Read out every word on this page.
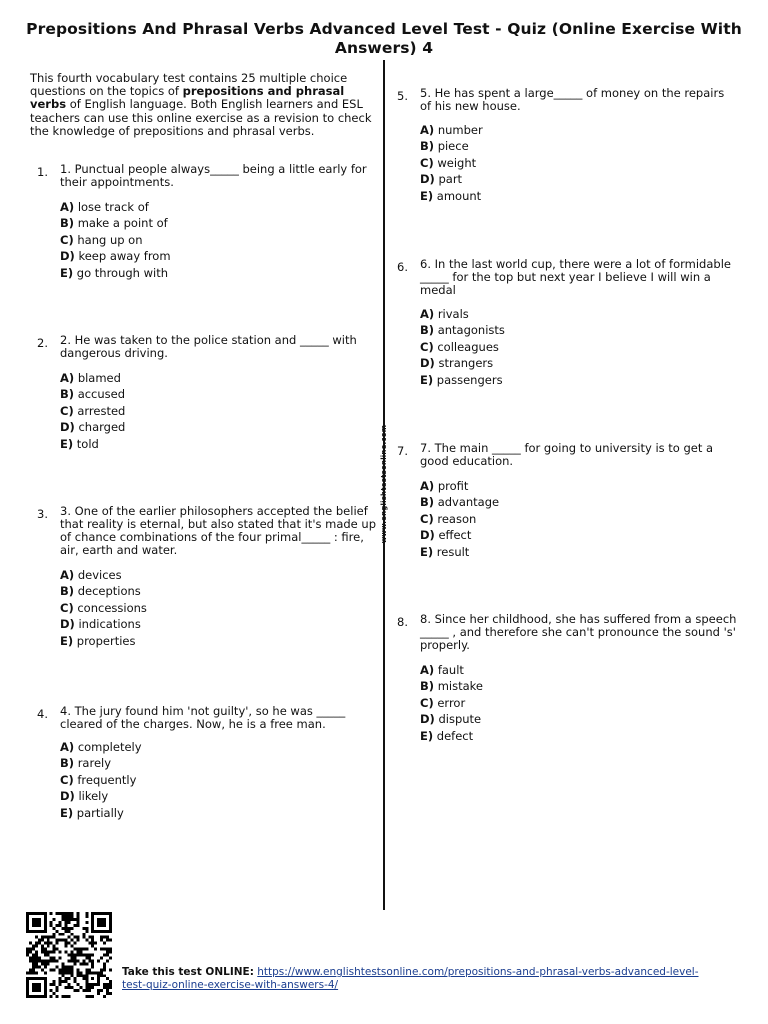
Prepositions And Phrasal Verbs Advanced Level Test - Quiz (Online Exercise With Answers) 4
This fourth vocabulary test contains 25 multiple choice questions on the topics of prepositions and phrasal verbs of English language. Both English learners and ESL teachers can use this online exercise as a revision to check the knowledge of prepositions and phrasal verbs.
www.englishtestsonline.com
1. 1. Punctual people always_____ being a little early for their appointments.
A) lose track of
B) make a point of
C) hang up on
D) keep away from
E) go through with
2. 2. He was taken to the police station and _____ with dangerous driving.
A) blamed
B) accused
C) arrested
D) charged
E) told
3. 3. One of the earlier philosophers accepted the belief that reality is eternal, but also stated that it's made up of chance combinations of the four primal_____ : fire, air, earth and water.
A) devices
B) deceptions
C) concessions
D) indications
E) properties
4. 4. The jury found him 'not guilty', so he was _____ cleared of the charges. Now, he is a free man.
A) completely
B) rarely
C) frequently
D) likely
E) partially
5. 5. He has spent a large_____ of money on the repairs of his new house.
A) number
B) piece
C) weight
D) part
E) amount
6. 6. In the last world cup, there were a lot of formidable _____ for the top but next year I believe I will win a medal
A) rivals
B) antagonists
C) colleagues
D) strangers
E) passengers
7. 7. The main _____ for going to university is to get a good education.
A) profit
B) advantage
C) reason
D) effect
E) result
8. 8. Since her childhood, she has suffered from a speech _____ , and therefore she can't pronounce the sound 's' properly.
A) fault
B) mistake
C) error
D) dispute
E) defect
Take this test ONLINE: https://www.englishtestsonline.com/prepositions-and-phrasal-verbs-advanced-level-test-quiz-online-exercise-with-answers-4/
